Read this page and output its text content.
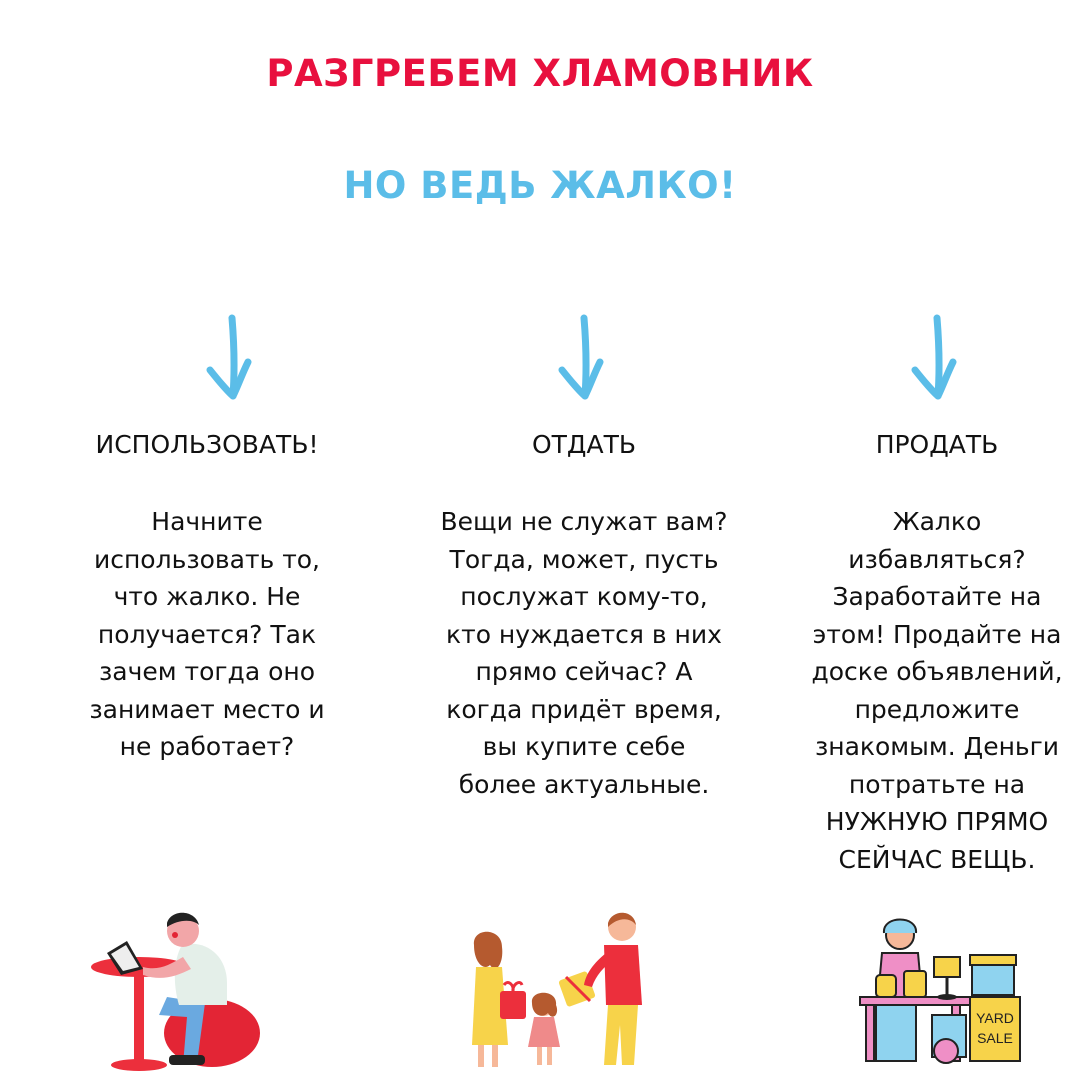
РАЗГРЕБЕМ ХЛАМОВНИК
НО ВЕДЬ ЖАЛКО!
ИСПОЛЬЗОВАТЬ!
Начните
использовать то,
что жалко. Не
получается? Так
зачем тогда оно
занимает место и
не работает?
ОТДАТЬ
Вещи не служат вам?
Тогда, может, пусть
послужат кому-то,
кто нуждается в них
прямо сейчас? А
когда придёт время,
вы купите себе
более актуальные.
ПРОДАТЬ
Жалко
избавляться?
Заработайте на
этом! Продайте на
доске объявлений,
предложите
знакомым. Деньги
потратьте на
НУЖНУЮ ПРЯМО
СЕЙЧАС ВЕЩЬ.
YARD
SALE
